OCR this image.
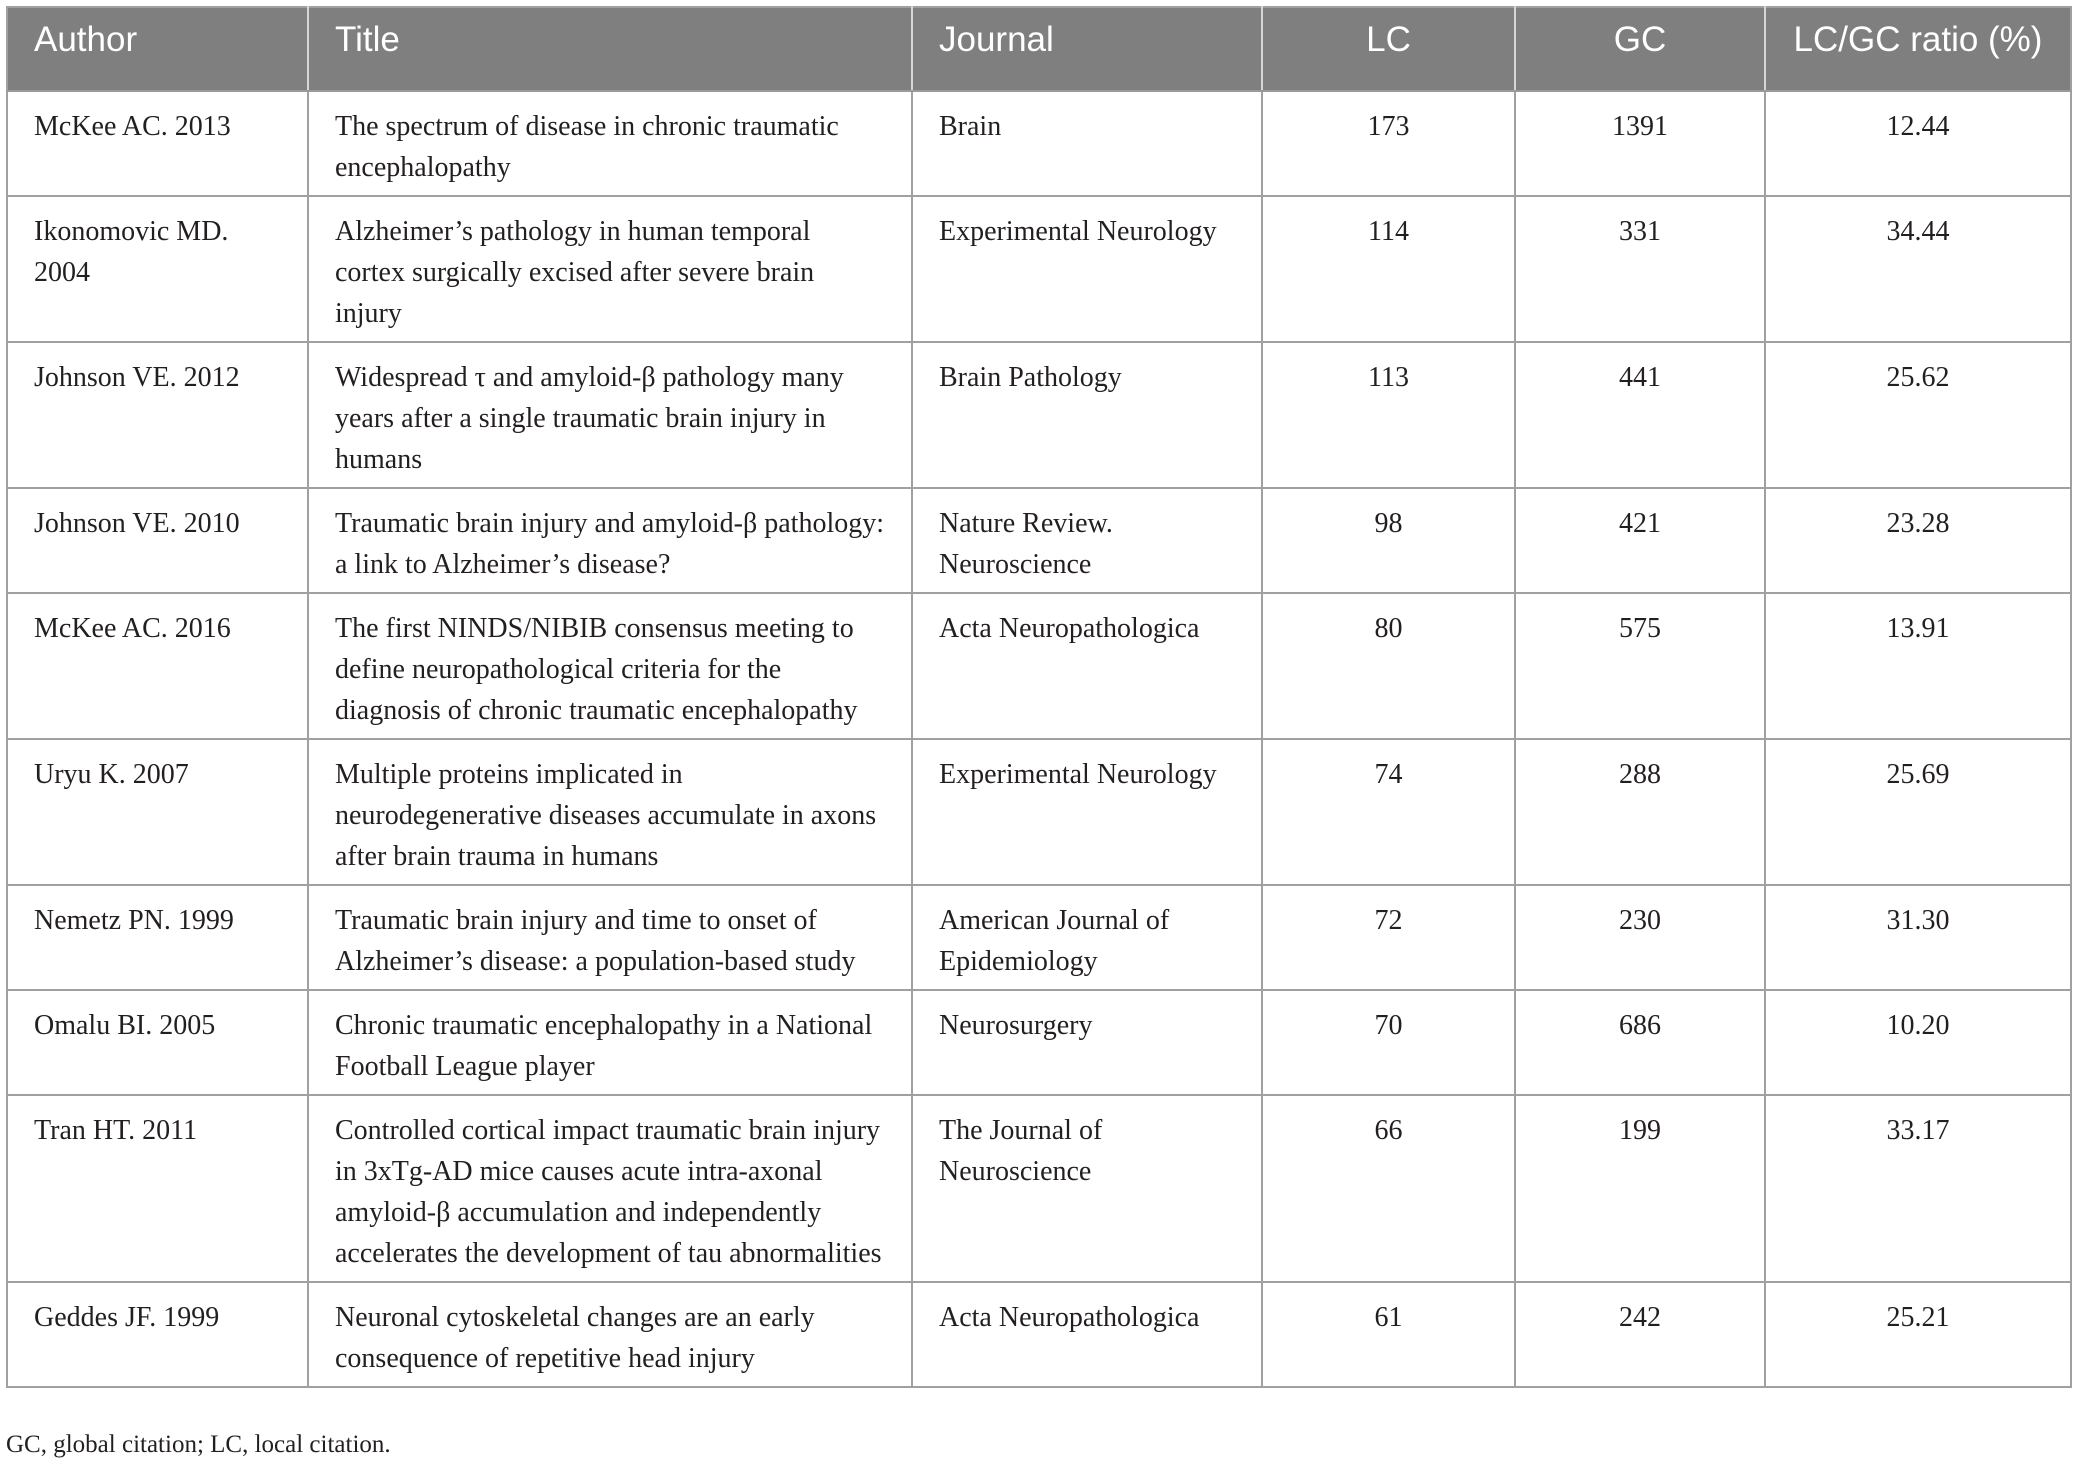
Author	Title	Journal	LC	GC	LC/GC ratio (%)
McKee AC. 2013	The spectrum of disease in chronic traumatic encephalopathy	Brain	173	1391	12.44
Ikonomovic MD. 2004	Alzheimer’s pathology in human temporal cortex surgically excised after severe brain injury	Experimental Neurology	114	331	34.44
Johnson VE. 2012	Widespread τ and amyloid-β pathology many years after a single traumatic brain injury in humans	Brain Pathology	113	441	25.62
Johnson VE. 2010	Traumatic brain injury and amyloid-β pathology: a link to Alzheimer’s disease?	Nature Review. Neuroscience	98	421	23.28
McKee AC. 2016	The first NINDS/NIBIB consensus meeting to define neuropathological criteria for the diagnosis of chronic traumatic encephalopathy	Acta Neuropathologica	80	575	13.91
Uryu K. 2007	Multiple proteins implicated in neurodegenerative diseases accumulate in axons after brain trauma in humans	Experimental Neurology	74	288	25.69
Nemetz PN. 1999	Traumatic brain injury and time to onset of Alzheimer’s disease: a population-based study	American Journal of Epidemiology	72	230	31.30
Omalu BI. 2005	Chronic traumatic encephalopathy in a National Football League player	Neurosurgery	70	686	10.20
Tran HT. 2011	Controlled cortical impact traumatic brain injury in 3xTg-AD mice causes acute intra-axonal amyloid-β accumulation and independently accelerates the development of tau abnormalities	The Journal of Neuroscience	66	199	33.17
Geddes JF. 1999	Neuronal cytoskeletal changes are an early consequence of repetitive head injury	Acta Neuropathologica	61	242	25.21
GC, global citation; LC, local citation.
